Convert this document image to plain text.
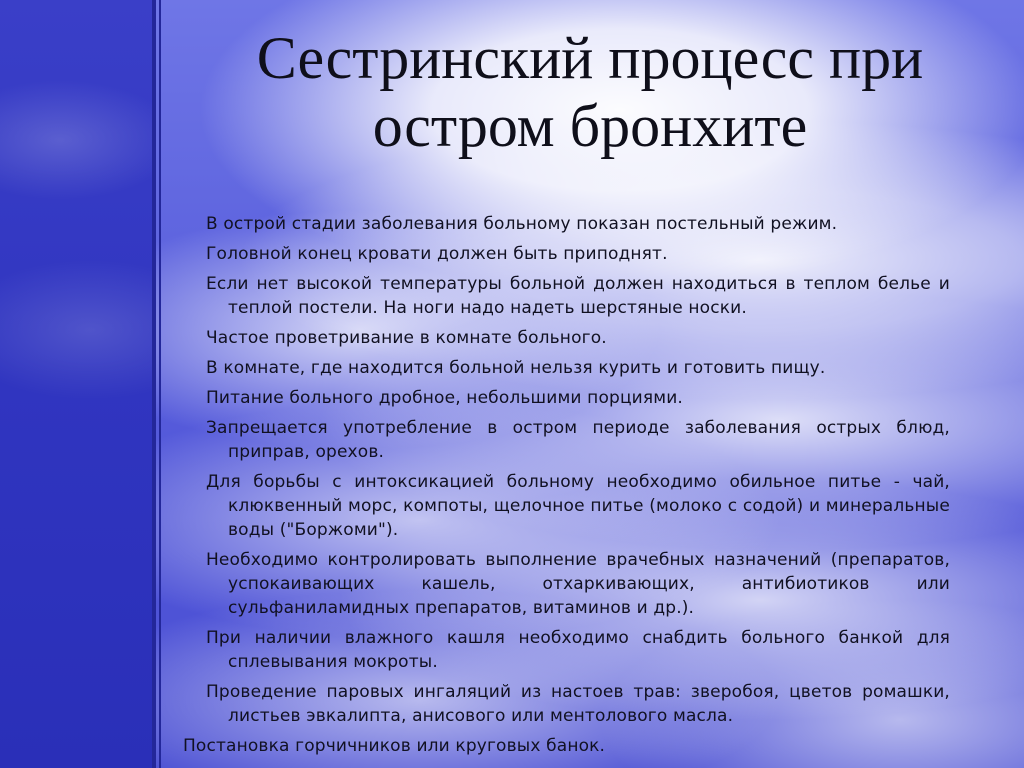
Сестринский процесс при остром бронхите

В острой стадии заболевания больному показан постельный режим.

Головной конец кровати должен быть приподнят.

Если нет высокой температуры больной должен находиться в теплом белье и теплой постели. На ноги надо надеть шерстяные носки.

Частое проветривание в комнате больного.

В комнате, где находится больной нельзя курить и готовить пищу.

Питание больного дробное, небольшими порциями.

Запрещается употребление в остром периоде заболевания острых блюд, приправ, орехов.

Для борьбы с интоксикацией больному необходимо обильное питье - чай, клюквенный морс, компоты, щелочное питье (молоко с содой) и минеральные воды ("Боржоми").

Необходимо контролировать выполнение врачебных назначений (препаратов, успокаивающих кашель, отхаркивающих, антибиотиков или сульфаниламидных препаратов, витаминов и др.).

При наличии влажного кашля необходимо снабдить больного банкой для сплевывания мокроты.

Проведение паровых ингаляций из настоев трав: зверобоя, цветов ромашки, листьев эвкалипта, анисового или ментолового масла.

Постановка горчичников или круговых банок.
